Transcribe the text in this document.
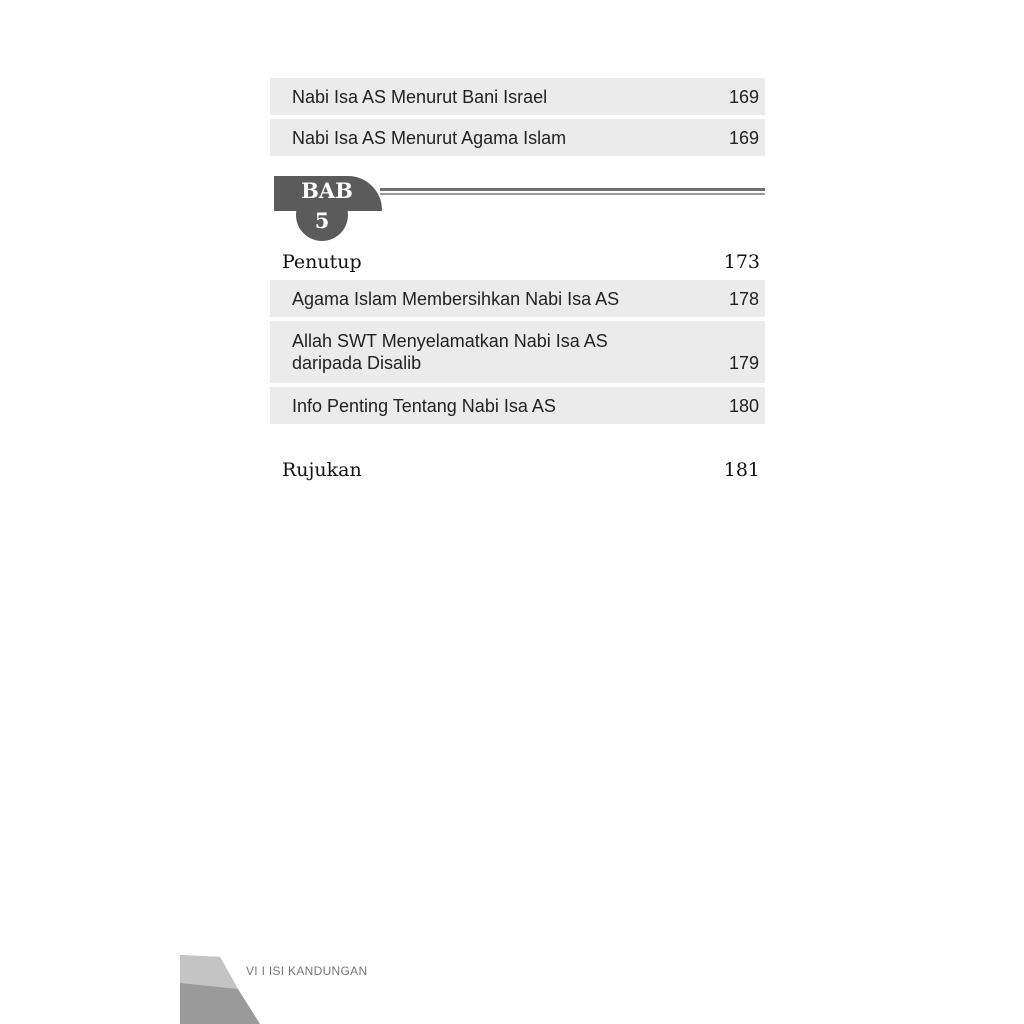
Nabi Isa AS Menurut Bani Israel	169
Nabi Isa AS Menurut Agama Islam	169
BAB
5
Penutup	173
Agama Islam Membersihkan Nabi Isa AS	178
Allah SWT Menyelamatkan Nabi Isa AS
daripada Disalib	179
Info Penting Tentang Nabi Isa AS	180
Rujukan	181
VI I ISI KANDUNGAN
